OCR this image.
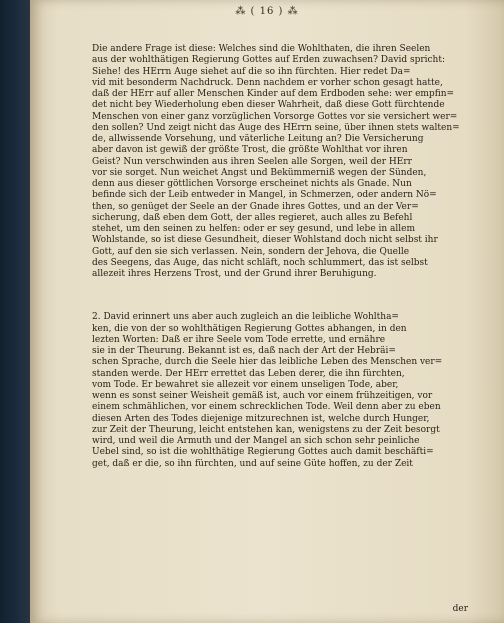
⁂ ( 16 ) ⁂
Die andere Frage ist diese: Welches sind die Wohlthaten, die ihren Seelen
aus der wohlthätigen Regierung Gottes auf Erden zuwachsen? David spricht:
Siehe! des HErrn Auge siehet auf die so ihn fürchten. Hier redet Da=
vid mit besonderm Nachdruck. Denn nachdem er vorher schon gesagt hatte,
daß der HErr auf aller Menschen Kinder auf dem Erdboden sehe: wer empfin=
det nicht bey Wiederholung eben dieser Wahrheit, daß diese Gott fürchtende
Menschen von einer ganz vorzüglichen Vorsorge Gottes vor sie versichert wer=
den sollen? Und zeigt nicht das Auge des HErrn seine, über ihnen stets walten=
de, allwissende Vorsehung, und väterliche Leitung an? Die Versicherung
aber davon ist gewiß der größte Trost, die größte Wohlthat vor ihren
Geist? Nun verschwinden aus ihren Seelen alle Sorgen, weil der HErr
vor sie sorget. Nun weichet Angst und Bekümmerniß wegen der Sünden,
denn aus dieser göttlichen Vorsorge erscheinet nichts als Gnade. Nun
befinde sich der Leib entweder in Mangel, in Schmerzen, oder andern Nö=
then, so genüget der Seele an der Gnade ihres Gottes, und an der Ver=
sicherung, daß eben dem Gott, der alles regieret, auch alles zu Befehl
stehet, um den seinen zu helfen: oder er sey gesund, und lebe in allem
Wohlstande, so ist diese Gesundheit, dieser Wohlstand doch nicht selbst ihr
Gott, auf den sie sich verlassen. Nein, sondern der Jehova, die Quelle
des Seegens, das Auge, das nicht schläft, noch schlummert, das ist selbst
allezeit ihres Herzens Trost, und der Grund ihrer Beruhigung.
2. David erinnert uns aber auch zugleich an die leibliche Wohltha=
ken, die von der so wohlthätigen Regierung Gottes abhangen, in den
lezten Worten: Daß er ihre Seele vom Tode errette, und ernähre
sie in der Theurung. Bekannt ist es, daß nach der Art der Hebräi=
schen Sprache, durch die Seele hier das leibliche Leben des Menschen ver=
standen werde. Der HErr errettet das Leben derer, die ihn fürchten,
vom Tode. Er bewahret sie allezeit vor einem unseligen Tode, aber,
wenn es sonst seiner Weisheit gemäß ist, auch vor einem frühzeitigen, vor
einem schmählichen, vor einem schrecklichen Tode. Weil denn aber zu eben
diesen Arten des Todes diejenige mitzurechnen ist, welche durch Hunger,
zur Zeit der Theurung, leicht entstehen kan, wenigstens zu der Zeit besorgt
wird, und weil die Armuth und der Mangel an sich schon sehr peinliche
Uebel sind, so ist die wohlthätige Regierung Gottes auch damit beschäfti=
get, daß er die, so ihn fürchten, und auf seine Güte hoffen, zu der Zeit
der
